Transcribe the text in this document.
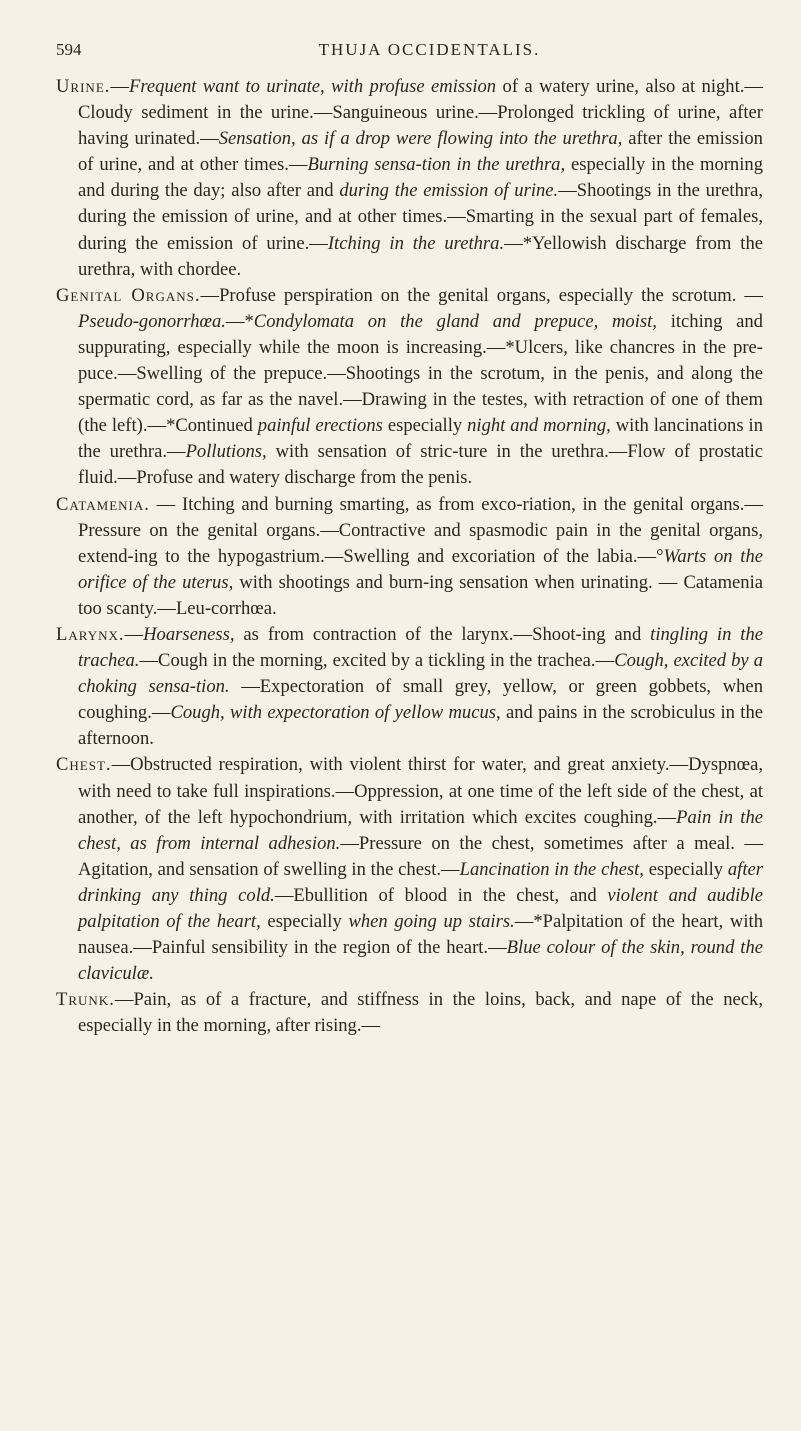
594	THUJA OCCIDENTALIS.

Urine.—Frequent want to urinate, with profuse emission of a watery urine, also at night.—Cloudy sediment in the urine.—Sanguineous urine.—Prolonged trickling of urine, after having urinated.—Sensation, as if a drop were flowing into the urethra, after the emission of urine, and at other times.—Burning sensa-tion in the urethra, especially in the morning and during the day; also after and during the emission of urine.—Shootings in the urethra, during the emission of urine, and at other times.—Smarting in the sexual part of females, during the emission of urine.—Itching in the urethra.—*Yellowish discharge from the urethra, with chordee.

Genital Organs.—Profuse perspiration on the genital organs, especially the scrotum. —Pseudo-gonorrhœa.—*Condylomata on the gland and prepuce, moist, itching and suppurating, especially while the moon is increasing.—*Ulcers, like chancres in the pre-puce.—Swelling of the prepuce.—Shootings in the scrotum, in the penis, and along the spermatic cord, as far as the navel.—Drawing in the testes, with retraction of one of them (the left).—*Continued painful erections especially night and morning, with lancinations in the urethra.—Pollutions, with sensation of stric-ture in the urethra.—Flow of prostatic fluid.—Profuse and watery discharge from the penis.

Catamenia. — Itching and burning smarting, as from exco-riation, in the genital organs.—Pressure on the genital organs.—Contractive and spasmodic pain in the genital organs, extend-ing to the hypogastrium.—Swelling and excoriation of the labia.—°Warts on the orifice of the uterus, with shootings and burn-ing sensation when urinating. — Catamenia too scanty.—Leu-corrhœa.

Larynx.—Hoarseness, as from contraction of the larynx.—Shoot-ing and tingling in the trachea.—Cough in the morning, excited by a tickling in the trachea.—Cough, excited by a choking sensa-tion. —Expectoration of small grey, yellow, or green gobbets, when coughing.—Cough, with expectoration of yellow mucus, and pains in the scrobiculus in the afternoon.

Chest.—Obstructed respiration, with violent thirst for water, and great anxiety.—Dyspnœa, with need to take full inspirations.—Oppression, at one time of the left side of the chest, at another, of the left hypochondrium, with irritation which excites coughing.—Pain in the chest, as from internal adhesion.—Pressure on the chest, sometimes after a meal. — Agitation, and sensation of swelling in the chest.—Lancination in the chest, especially after drinking any thing cold.—Ebullition of blood in the chest, and violent and audible palpitation of the heart, especially when going up stairs.—*Palpitation of the heart, with nausea.—Painful sensibility in the region of the heart.—Blue colour of the skin, round the claviculæ.

Trunk.—Pain, as of a fracture, and stiffness in the loins, back, and nape of the neck, especially in the morning, after rising.—
